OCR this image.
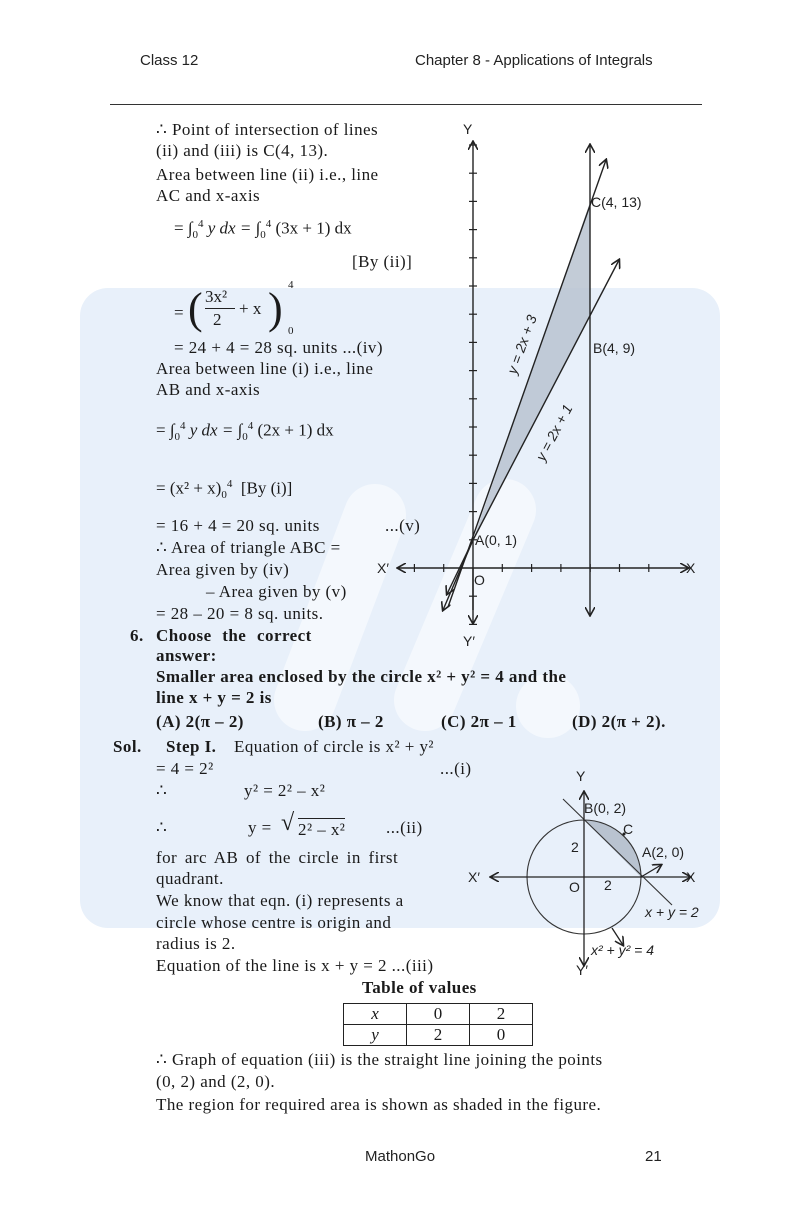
Class 12	Chapter 8 - Applications of Integrals
∴ Point of intersection of lines
(ii) and (iii) is C(4, 13).
Area between line (ii) i.e., line
AC and x-axis
= $\int_0^4$ y dx = $\int_0^4$ (3x + 1) dx
[By (ii)]
= ( 3x²
2
+ x ) 4
0
= 24 + 4 = 28 sq. units ...(iv)
Area between line (i) i.e., line
AB and x-axis
= $\int_0^4$ y dx = $\int_0^4$ (2x + 1) dx
= $(x^2 + x)_0^4$ [By (i)]
= 16 + 4 = 20 sq. units	...(v)
∴ Area of triangle ABC =
Area given by (iv)
– Area given by (v)
= 28 – 20 = 8 sq. units.
Y
Y′
X
X′
O
C(4, 13)
B(4, 9)
A(0, 1)
y = 2x + 3
y = 2x + 1
6. Choose the correct
answer:
Smaller area enclosed by the circle x² + y² = 4 and the
line x + y = 2 is
(A) 2(π – 2)	(B) π – 2	(C) 2π – 1	(D) 2(π + 2).
Sol. Step I. Equation of circle is x² + y²
= 4 = 2²	...(i)
∴	y² = 2² – x²
∴	y = √ 2² – x² ...(ii)
for arc AB of the circle in first
quadrant.
We know that eqn. (i) represents a
circle whose centre is origin and
radius is 2.
Equation of the line is x + y = 2 ...(iii)
Table of values
x	0	2
y	2	0
∴ Graph of equation (iii) is the straight line joining the points
(0, 2) and (2, 0).
The region for required area is shown as shaded in the figure.
Y
Y′
X
X′
O
B(0, 2)
C
A(2, 0)
2
2
x + y = 2
x² + y² = 4
MathonGo	21
